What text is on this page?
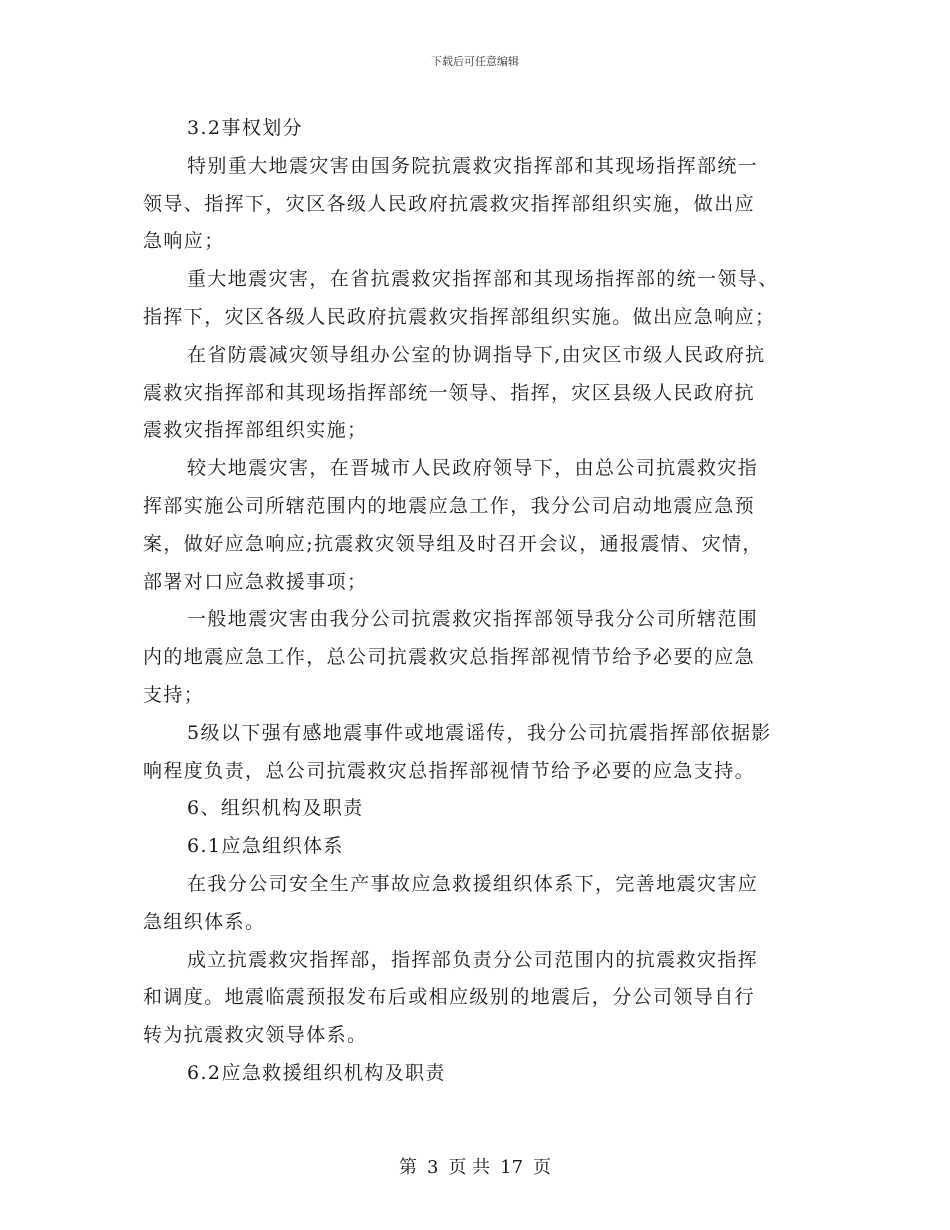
下载后可任意编辑
3.2事权划分
特别重大地震灾害由国务院抗震救灾指挥部和其现场指挥部统一
领导、指挥下，灾区各级人民政府抗震救灾指挥部组织实施，做出应
急响应；
重大地震灾害，在省抗震救灾指挥部和其现场指挥部的统一领导、
指挥下，灾区各级人民政府抗震救灾指挥部组织实施。做出应急响应；
在省防震减灾领导组办公室的协调指导下,由灾区市级人民政府抗
震救灾指挥部和其现场指挥部统一领导、指挥，灾区县级人民政府抗
震救灾指挥部组织实施；
较大地震灾害，在晋城市人民政府领导下，由总公司抗震救灾指
挥部实施公司所辖范围内的地震应急工作，我分公司启动地震应急预
案，做好应急响应;抗震救灾领导组及时召开会议，通报震情、灾情，
部署对口应急救援事项；
一般地震灾害由我分公司抗震救灾指挥部领导我分公司所辖范围
内的地震应急工作，总公司抗震救灾总指挥部视情节给予必要的应急
支持；
5级以下强有感地震事件或地震谣传，我分公司抗震指挥部依据影
响程度负责，总公司抗震救灾总指挥部视情节给予必要的应急支持。
6、组织机构及职责
6.1应急组织体系
在我分公司安全生产事故应急救援组织体系下，完善地震灾害应
急组织体系。
成立抗震救灾指挥部，指挥部负责分公司范围内的抗震救灾指挥
和调度。地震临震预报发布后或相应级别的地震后，分公司领导自行
转为抗震救灾领导体系。
6.2应急救援组织机构及职责
第 3 页 共 17 页
